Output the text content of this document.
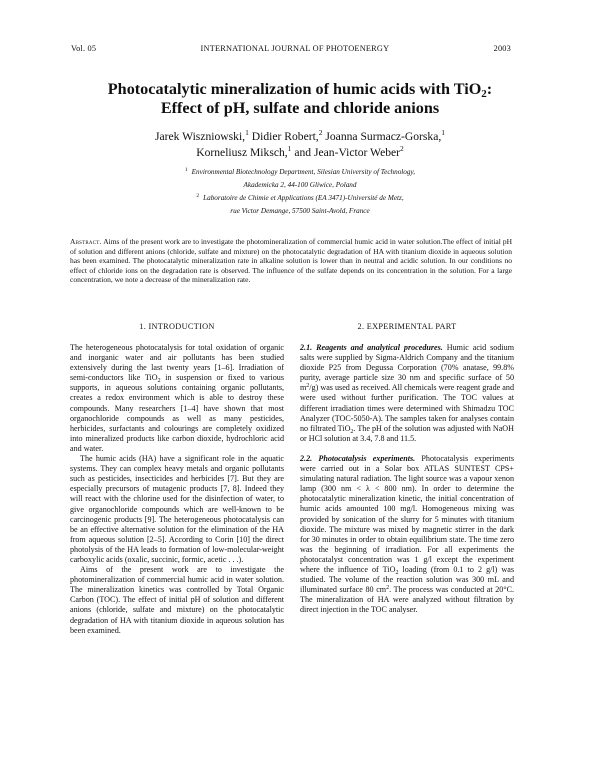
Vol. 05	INTERNATIONAL JOURNAL OF PHOTOENERGY	2003
Photocatalytic mineralization of humic acids with TiO$_2$:
Effect of pH, sulfate and chloride anions
Jarek Wiszniowski,$^1$ Didier Robert,$^2$ Joanna Surmacz-Gorska,$^1$
Korneliusz Miksch,$^1$ and Jean-Victor Weber$^2$
$^1$ Environmental Biotechnology Department, Silesian University of Technology,
Akademicka 2, 44-100 Gliwice, Poland
$^2$ Laboratoire de Chimie et Applications (EA 3471)-Université de Metz,
rue Victor Demange, 57500 Saint-Avold, France
Abstract. Aims of the present work are to investigate the photomineralization of commercial humic acid in water solution.The effect of initial pH of solution and different anions (chloride, sulfate and mixture) on the photocatalytic degradation of HA with titanium dioxide in aqueous solution has been examined. The photocatalytic mineralization rate in alkaline solution is lower than in neutral and acidic solution. In our conditions no effect of chloride ions on the degradation rate is observed. The influence of the sulfate depends on its concentration in the solution. For a large concentration, we note a decrease of the mineralization rate.
1. INTRODUCTION

The heterogeneous photocatalysis for total oxidation of organic and inorganic water and air pollutants has been studied extensively during the last twenty years [1–6]. Irradiation of semi-conductors like TiO$_2$ in suspension or fixed to various supports, in aqueous solutions containing organic pollutants, creates a redox environment which is able to destroy these compounds. Many researchers [1–4] have shown that most organochloride compounds as well as many pesticides, herbicides, surfactants and colourings are completely oxidized into mineralized products like carbon dioxide, hydrochloric acid and water.

The humic acids (HA) have a significant role in the aquatic systems. They can complex heavy metals and organic pollutants such as pesticides, insecticides and herbicides [7]. But they are especially precursors of mutagenic products [7, 8]. Indeed they will react with the chlorine used for the disinfection of water, to give organochloride compounds which are well-known to be carcinogenic products [9]. The heterogeneous photocatalysis can be an effective alternative solution for the elimination of the HA from aqueous solution [2–5]. According to Corin [10] the direct photolysis of the HA leads to formation of low-molecular-weight carboxylic acids (oxalic, succinic, formic, acetic . . .).

Aims of the present work are to investigate the photomineralization of commercial humic acid in water solution. The mineralization kinetics was controlled by Total Organic Carbon (TOC). The effect of initial pH of solution and different anions (chloride, sulfate and mixture) on the photocatalytic degradation of HA with titanium dioxide in aqueous solution has been examined.

2. EXPERIMENTAL PART

2.1. Reagents and analytical procedures. Humic acid sodium salts were supplied by Sigma-Aldrich Company and the titanium dioxide P25 from Degussa Corporation (70% anatase, 99.8% purity, average particle size 30 nm and specific surface of 50 $m^2/g$) was used as received. All chemicals were reagent grade and were used without further purification. The TOC values at different irradiation times were determined with Shimadzu TOC Analyzer (TOC-5050-A). The samples taken for analyses contain no filtrated TiO$_2$. The pH of the solution was adjusted with NaOH or HCl solution at 3.4, 7.8 and 11.5.

2.2. Photocatalysis experiments. Photocatalysis experiments were carried out in a Solar box ATLAS SUNTEST CPS+ simulating natural radiation. The light source was a vapour xenon lamp (300 nm < λ < 800 nm). In order to determine the photocatalytic mineralization kinetic, the initial concentration of humic acids amounted 100 mg/l. Homogeneous mixing was provided by sonication of the slurry for 5 minutes with titanium dioxide. The mixture was mixed by magnetic stirrer in the dark for 30 minutes in order to obtain equilibrium state. The time zero was the beginning of irradiation. For all experiments the photocatalyst concentration was 1 g/l except the experiment where the influence of TiO$_2$ loading (from 0.1 to 2 g/l) was studied. The volume of the reaction solution was 300 mL and illuminated surface 80 $cm^2$. The process was conducted at 20°C. The mineralization of HA were analyzed without filtration by direct injection in the TOC analyser.
